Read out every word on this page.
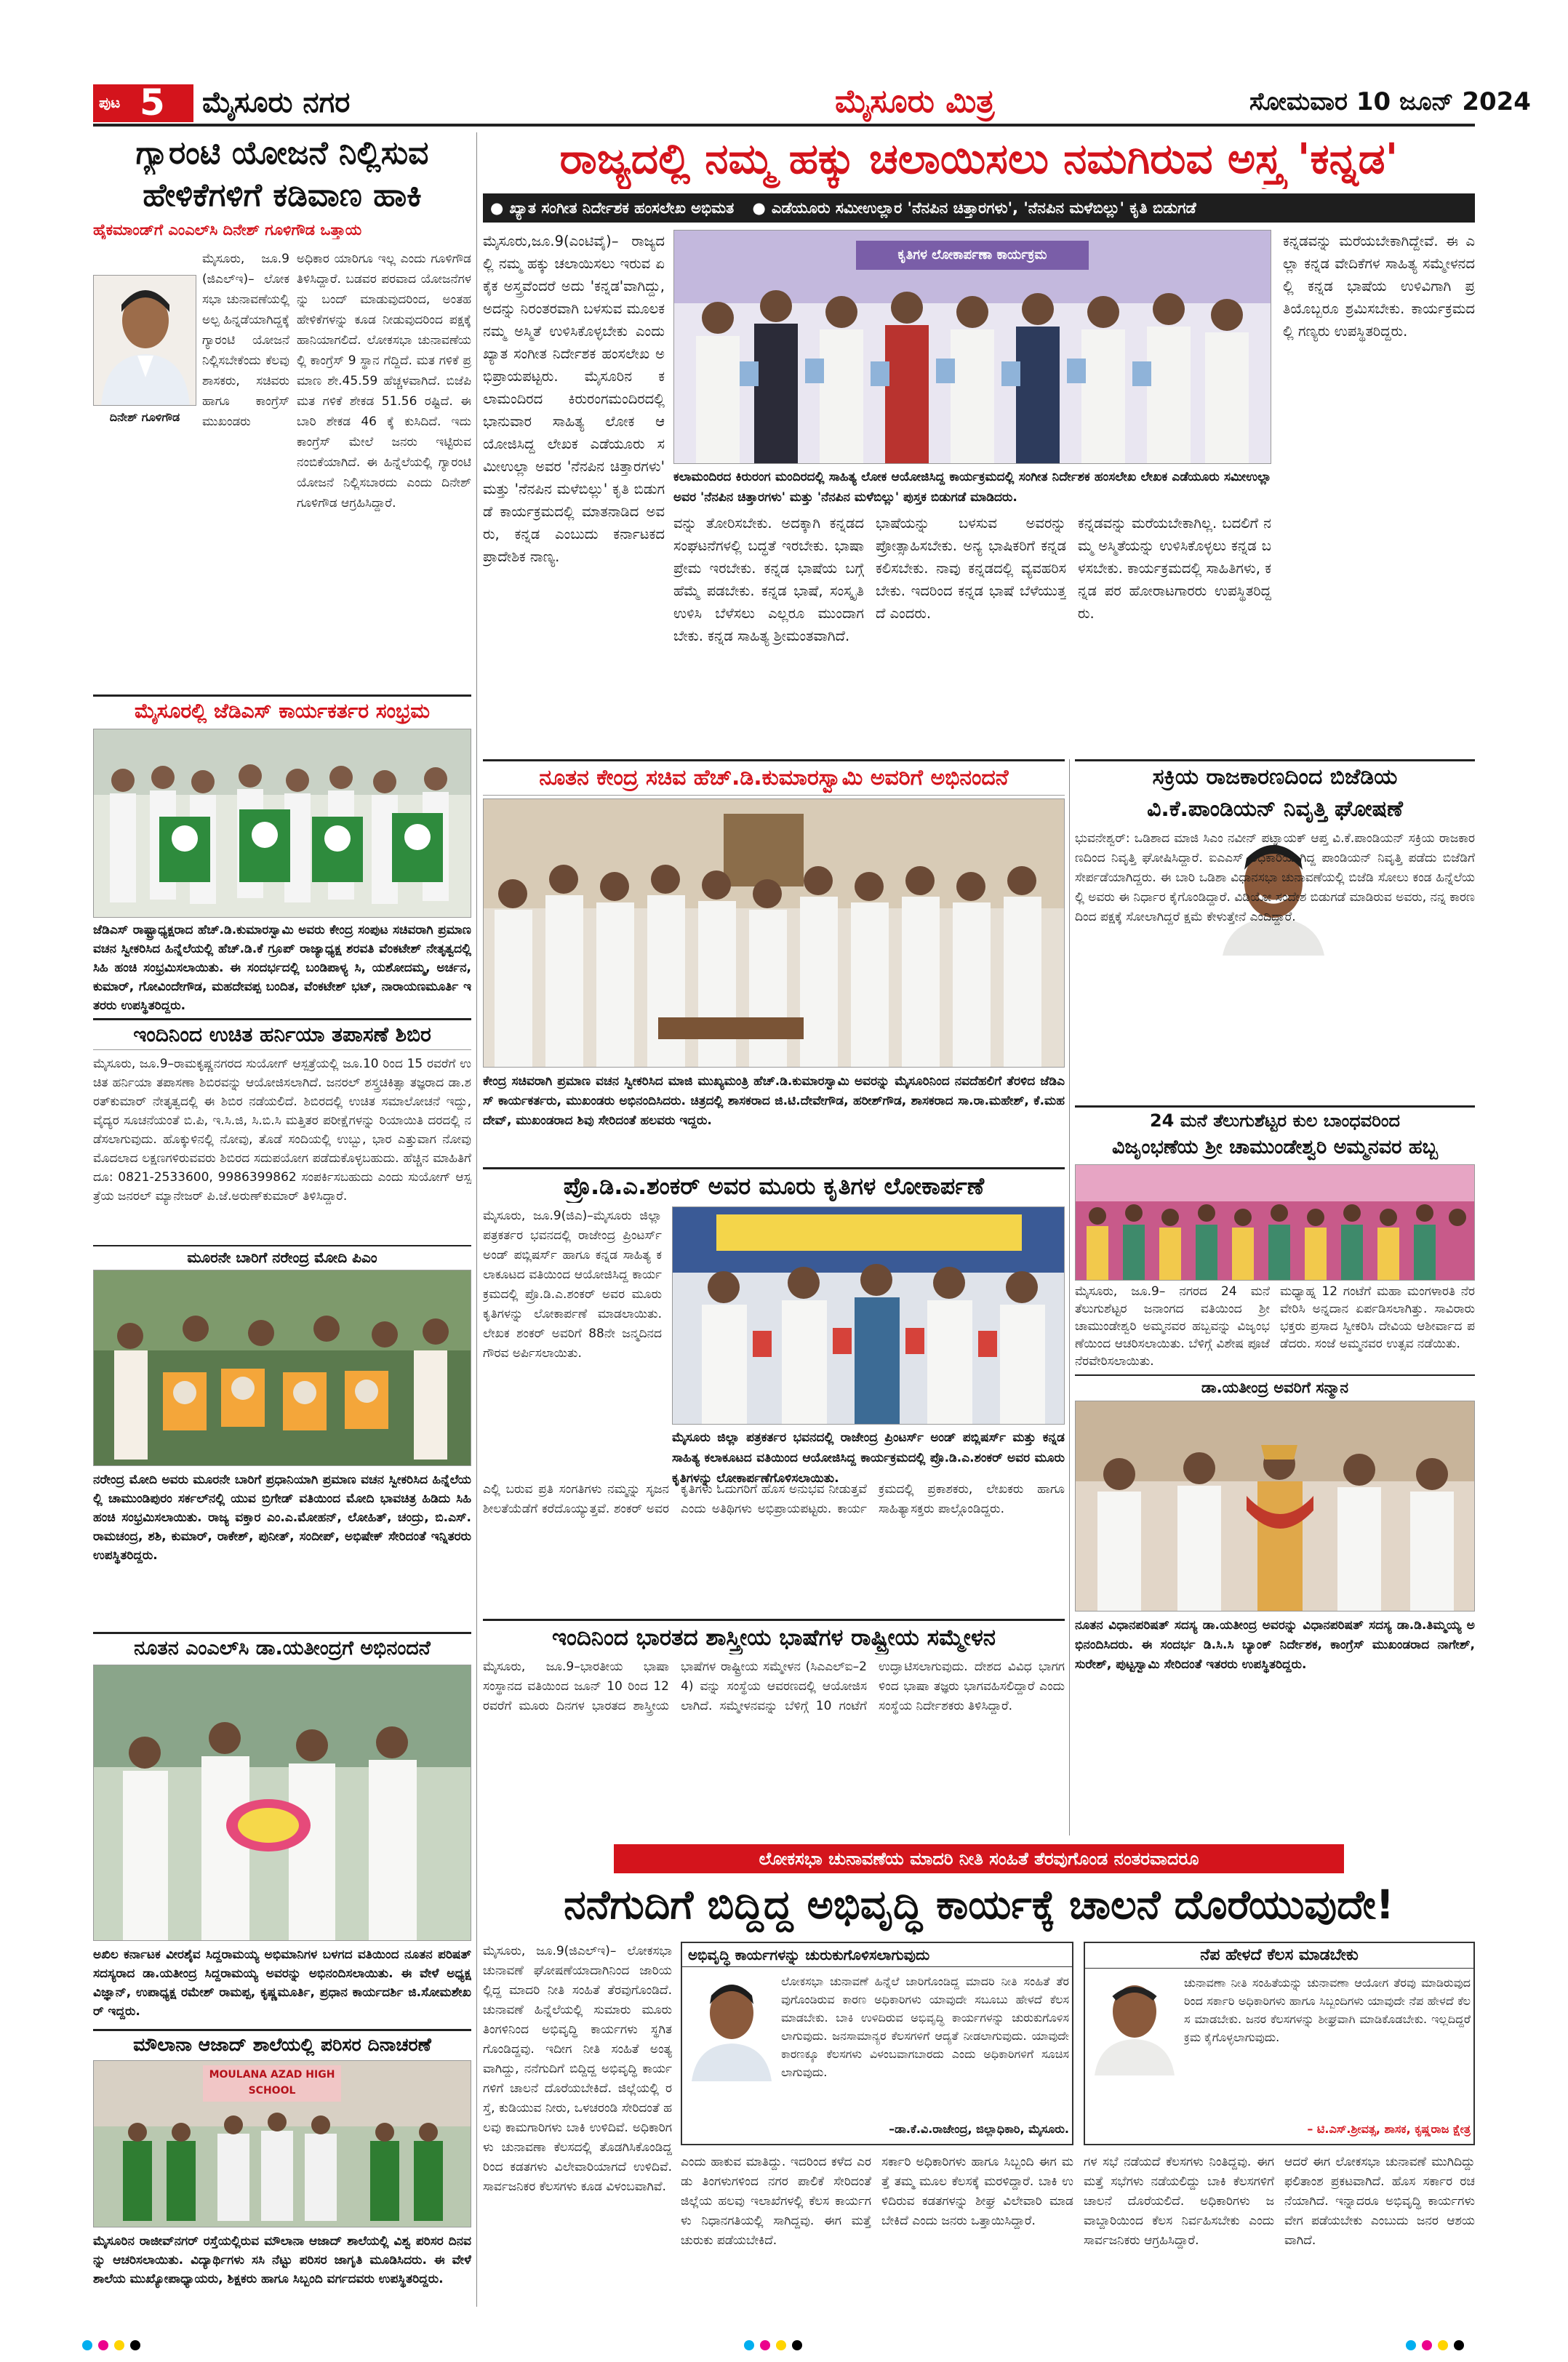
ಪುಟ 5 ಮೈಸೂರು ನಗರ	ಮೈಸೂರು ಮಿತ್ರ	ಸೋಮವಾರ 10 ಜೂನ್ 2024
ಗ್ಯಾರಂಟಿ ಯೋಜನೆ ನಿಲ್ಲಿಸುವ
ಹೇಳಿಕೆಗಳಿಗೆ ಕಡಿವಾಣ ಹಾಕಿ
ಹೈಕಮಾಂಡ್‌ಗೆ ಎಂಎಲ್‌ಸಿ ದಿನೇಶ್ ಗೂಳಿಗೌಡ ಒತ್ತಾಯ
ದಿನೇಶ್ ಗೂಳಿಗೌಡ
ಮೈಸೂರು, ಜೂ.9(ಜಿಎಲ್‌ಇ)– ಲೋಕಸಭಾ ಚುನಾವಣೆಯಲ್ಲಿ ಅಲ್ಪ ಹಿನ್ನಡೆಯಾಗಿದ್ದಕ್ಕೆ ಗ್ಯಾರಂಟಿ ಯೋಜನೆ ನಿಲ್ಲಿಸಬೇಕೆಂದು ಕೆಲವು ಶಾಸಕರು, ಸಚಿವರು ಹಾಗೂ ಕಾಂಗ್ರೆಸ್ ಮುಖಂಡರು
ಅಧಿಕಾರ ಯಾರಿಗೂ ಇಲ್ಲ ಎಂದು ಗೂಳಿಗೌಡ ತಿಳಿಸಿದ್ದಾರೆ. ಬಡವರ ಪರವಾದ ಯೋಜನೆಗಳನ್ನು ಬಂದ್ ಮಾಡುವುದರಿಂದ, ಅಂತಹ ಹೇಳಿಕೆಗಳನ್ನು ಕೂಡ ನೀಡುವುದರಿಂದ ಪಕ್ಷಕ್ಕೆ ಹಾನಿಯಾಗಲಿದೆ. ಲೋಕಸಭಾ ಚುನಾವಣೆಯಲ್ಲಿ ಕಾಂಗ್ರೆಸ್ 9 ಸ್ಥಾನ ಗೆದ್ದಿದೆ. ಮತ ಗಳಿಕೆ ಪ್ರಮಾಣ ಶೇ.45.59 ಹೆಚ್ಚಳವಾಗಿದೆ. ಬಿಜೆಪಿ ಮತ ಗಳಿಕೆ ಶೇಕಡ 51.56 ರಷ್ಟಿದೆ. ಈ ಬಾರಿ ಶೇಕಡ 46 ಕ್ಕೆ ಕುಸಿದಿದೆ. ಇದು ಕಾಂಗ್ರೆಸ್ ಮೇಲೆ ಜನರು ಇಟ್ಟಿರುವ ನಂಬಿಕೆಯಾಗಿದೆ. ಈ ಹಿನ್ನೆಲೆಯಲ್ಲಿ ಗ್ಯಾರಂಟಿ ಯೋಜನೆ ನಿಲ್ಲಿಸಬಾರದು ಎಂದು ದಿನೇಶ್ ಗೂಳಿಗೌಡ ಆಗ್ರಹಿಸಿದ್ದಾರೆ.
ಮೈಸೂರಲ್ಲಿ ಜೆಡಿಎಸ್ ಕಾರ್ಯಕರ್ತರ ಸಂಭ್ರಮ
ಜೆಡಿಎಸ್ ರಾಷ್ಟ್ರಾಧ್ಯಕ್ಷರಾದ ಹೆಚ್.ಡಿ.ಕುಮಾರಸ್ವಾಮಿ ಅವರು ಕೇಂದ್ರ ಸಂಪುಟ ಸಚಿವರಾಗಿ ಪ್ರಮಾಣ ವಚನ ಸ್ವೀಕರಿಸಿದ ಹಿನ್ನೆಲೆಯಲ್ಲಿ ಹೆಚ್.ಡಿ.ಕೆ ಗ್ರೂಪ್ ರಾಜ್ಯಾಧ್ಯಕ್ಷ ಶರವತಿ ವೆಂಕಟೇಶ್ ನೇತೃತ್ವದಲ್ಲಿ ಸಿಹಿ ಹಂಚಿ ಸಂಭ್ರಮಿಸಲಾಯಿತು. ಈ ಸಂದರ್ಭದಲ್ಲಿ ಬಂಡಿಪಾಳ್ಯ ಸಿ, ಯಶೋದಮ್ಮ, ಅರ್ಚನ, ಕುಮಾರ್, ಗೋವಿಂದೇಗೌಡ, ಮಹದೇವಪ್ಪ ಬಂದಿತ, ವೆಂಕಟೇಶ್ ಭಟ್, ನಾರಾಯಣಮೂರ್ತಿ ಇತರರು ಉಪಸ್ಥಿತರಿದ್ದರು.
ಇಂದಿನಿಂದ ಉಚಿತ ಹರ್ನಿಯಾ ತಪಾಸಣೆ ಶಿಬಿರ
ಮೈಸೂರು, ಜೂ.9–ರಾಮಕೃಷ್ಣನಗರದ ಸುಯೋಗ್ ಆಸ್ಪತ್ರೆಯಲ್ಲಿ ಜೂ.10 ರಿಂದ 15 ರವರೆಗೆ ಉಚಿತ ಹರ್ನಿಯಾ ತಪಾಸಣಾ ಶಿಬಿರವನ್ನು ಆಯೋಜಿಸಲಾಗಿದೆ. ಜನರಲ್ ಶಸ್ತ್ರಚಿಕಿತ್ಸಾ ತಜ್ಞರಾದ ಡಾ.ಶರತ್‌ಕುಮಾರ್ ನೇತೃತ್ವದಲ್ಲಿ ಈ ಶಿಬಿರ ನಡೆಯಲಿದೆ. ಶಿಬಿರದಲ್ಲಿ ಉಚಿತ ಸಮಾಲೋಚನೆ ಇದ್ದು, ವೈದ್ಯರ ಸೂಚನೆಯಂತೆ ಬಿ.ಪಿ, ಇ.ಸಿ.ಜಿ, ಸಿ.ಬಿ.ಸಿ ಮತ್ತಿತರ ಪರೀಕ್ಷೆಗಳನ್ನು ರಿಯಾಯಿತಿ ದರದಲ್ಲಿ ನಡೆಸಲಾಗುವುದು. ಹೊಕ್ಕುಳಿನಲ್ಲಿ ನೋವು, ತೊಡೆ ಸಂದಿಯಲ್ಲಿ ಉಬ್ಬು, ಭಾರ ಎತ್ತುವಾಗ ನೋವು ಮೊದಲಾದ ಲಕ್ಷಣಗಳಿರುವವರು ಶಿಬಿರದ ಸದುಪಯೋಗ ಪಡೆದುಕೊಳ್ಳಬಹುದು. ಹೆಚ್ಚಿನ ಮಾಹಿತಿಗೆ ದೂ: 0821-2533600, 9986399862 ಸಂಪರ್ಕಿಸಬಹುದು ಎಂದು ಸುಯೋಗ್ ಆಸ್ಪತ್ರೆಯ ಜನರಲ್ ಮ್ಯಾನೇಜರ್ ಪಿ.ಜೆ.ಅರುಣ್‌ಕುಮಾರ್ ತಿಳಿಸಿದ್ದಾರೆ.
ಮೂರನೇ ಬಾರಿಗೆ ನರೇಂದ್ರ ಮೋದಿ ಪಿಎಂ
ನರೇಂದ್ರ ಮೋದಿ ಅವರು ಮೂರನೇ ಬಾರಿಗೆ ಪ್ರಧಾನಿಯಾಗಿ ಪ್ರಮಾಣ ವಚನ ಸ್ವೀಕರಿಸಿದ ಹಿನ್ನೆಲೆಯಲ್ಲಿ ಚಾಮುಂಡಿಪುರಂ ಸರ್ಕಲ್‌ನಲ್ಲಿ ಯುವ ಬ್ರಿಗೇಡ್ ವತಿಯಿಂದ ಮೋದಿ ಭಾವಚಿತ್ರ ಹಿಡಿದು ಸಿಹಿ ಹಂಚಿ ಸಂಭ್ರಮಿಸಲಾಯಿತು. ರಾಜ್ಯ ವಕ್ತಾರ ಎಂ.ಎ.ಮೋಹನ್, ಲೋಹಿತ್, ಚಂದ್ರು, ಬಿ.ಎಸ್.ರಾಮಚಂದ್ರ, ಶಶಿ, ಕುಮಾರ್, ರಾಕೇಶ್, ಪುನೀತ್, ಸಂದೀಪ್, ಅಭಿಷೇಕ್ ಸೇರಿದಂತೆ ಇನ್ನಿತರರು ಉಪಸ್ಥಿತರಿದ್ದರು.
ನೂತನ ಎಂಎಲ್‌ಸಿ ಡಾ.ಯತೀಂದ್ರಗೆ ಅಭಿನಂದನೆ
ಅಖಿಲ ಕರ್ನಾಟಕ ವೀರಶೈವ ಸಿದ್ದರಾಮಯ್ಯ ಅಭಿಮಾನಿಗಳ ಬಳಗದ ವತಿಯಿಂದ ನೂತನ ಪರಿಷತ್ ಸದಸ್ಯರಾದ ಡಾ.ಯತೀಂದ್ರ ಸಿದ್ದರಾಮಯ್ಯ ಅವರನ್ನು ಅಭಿನಂದಿಸಲಾಯಿತು. ಈ ವೇಳೆ ಅಧ್ಯಕ್ಷ ವಿಜ್ಞಾನ್, ಉಪಾಧ್ಯಕ್ಷ ರಮೇಶ್ ರಾಮಪ್ಪ, ಕೃಷ್ಣಮೂರ್ತಿ, ಪ್ರಧಾನ ಕಾರ್ಯದರ್ಶಿ ಜಿ.ಸೋಮಶೇಖರ್ ಇದ್ದರು.
ಮೌಲಾನಾ ಆಜಾದ್ ಶಾಲೆಯಲ್ಲಿ ಪರಿಸರ ದಿನಾಚರಣೆ
MOULANA AZAD HIGH SCHOOL
ಮೈಸೂರಿನ ರಾಜೀವ್‌ನಗರ್ ರಸ್ತೆಯಲ್ಲಿರುವ ಮೌಲಾನಾ ಆಜಾದ್ ಶಾಲೆಯಲ್ಲಿ ವಿಶ್ವ ಪರಿಸರ ದಿನವನ್ನು ಆಚರಿಸಲಾಯಿತು. ವಿದ್ಯಾರ್ಥಿಗಳು ಸಸಿ ನೆಟ್ಟು ಪರಿಸರ ಜಾಗೃತಿ ಮೂಡಿಸಿದರು. ಈ ವೇಳೆ ಶಾಲೆಯ ಮುಖ್ಯೋಪಾಧ್ಯಾಯರು, ಶಿಕ್ಷಕರು ಹಾಗೂ ಸಿಬ್ಬಂದಿ ವರ್ಗದವರು ಉಪಸ್ಥಿತರಿದ್ದರು.
ರಾಜ್ಯದಲ್ಲಿ ನಮ್ಮ ಹಕ್ಕು ಚಲಾಯಿಸಲು ನಮಗಿರುವ ಅಸ್ತ್ರ 'ಕನ್ನಡ'
● ಖ್ಯಾತ ಸಂಗೀತ ನಿರ್ದೇಶಕ ಹಂಸಲೇಖ ಅಭಿಮತ ● ಎಡೆಯೂರು ಸಮೀಉಲ್ಲಾರ 'ನೆನಪಿನ ಚಿತ್ತಾರಗಳು', 'ನೆನಪಿನ ಮಳೆಬಿಲ್ಲು' ಕೃತಿ ಬಿಡುಗಡೆ
ಮೈಸೂರು,ಜೂ.9(ಎಂಟಿವೈ)– ರಾಜ್ಯದಲ್ಲಿ ನಮ್ಮ ಹಕ್ಕು ಚಲಾಯಿಸಲು ಇರುವ ಏಕೈಕ ಅಸ್ತ್ರವೆಂದರೆ ಅದು 'ಕನ್ನಡ'ವಾಗಿದ್ದು, ಅದನ್ನು ನಿರಂತರವಾಗಿ ಬಳಸುವ ಮೂಲಕ ನಮ್ಮ ಅಸ್ಮಿತೆ ಉಳಿಸಿಕೊಳ್ಳಬೇಕು ಎಂದು ಖ್ಯಾತ ಸಂಗೀತ ನಿರ್ದೇಶಕ ಹಂಸಲೇಖ ಅಭಿಪ್ರಾಯಪಟ್ಟರು. ಮೈಸೂರಿನ ಕಲಾಮಂದಿರದ ಕಿರುರಂಗಮಂದಿರದಲ್ಲಿ ಭಾನುವಾರ ಸಾಹಿತ್ಯ ಲೋಕ ಆಯೋಜಿಸಿದ್ದ ಲೇಖಕ ಎಡೆಯೂರು ಸಮೀಉಲ್ಲಾ ಅವರ 'ನೆನಪಿನ ಚಿತ್ತಾರಗಳು' ಮತ್ತು 'ನೆನಪಿನ ಮಳೆಬಿಲ್ಲು' ಕೃತಿ ಬಿಡುಗಡೆ ಕಾರ್ಯಕ್ರಮದಲ್ಲಿ ಮಾತನಾಡಿದ ಅವರು, ಕನ್ನಡ ಎಂಬುದು ಕರ್ನಾಟಕದ ಪ್ರಾದೇಶಿಕ ನಾಣ್ಯ.
ಕೃತಿಗಳ ಲೋಕಾರ್ಪಣಾ ಕಾರ್ಯಕ್ರಮ
ಕಲಾಮಂದಿರದ ಕಿರುರಂಗ ಮಂದಿರದಲ್ಲಿ ಸಾಹಿತ್ಯ ಲೋಕ ಆಯೋಜಿಸಿದ್ದ ಕಾರ್ಯಕ್ರಮದಲ್ಲಿ ಸಂಗೀತ ನಿರ್ದೇಶಕ ಹಂಸಲೇಖ ಲೇಖಕ ಎಡೆಯೂರು ಸಮೀಉಲ್ಲಾ ಅವರ 'ನೆನಪಿನ ಚಿತ್ತಾರಗಳು' ಮತ್ತು 'ನೆನಪಿನ ಮಳೆಬಿಲ್ಲು' ಪುಸ್ತಕ ಬಿಡುಗಡೆ ಮಾಡಿದರು.
ವನ್ನು ತೋರಿಸಬೇಕು. ಅದಕ್ಕಾಗಿ ಕನ್ನಡದ ಸಂಘಟನೆಗಳಲ್ಲಿ ಬದ್ಧತೆ ಇರಬೇಕು. ಭಾಷಾ ಪ್ರೇಮ ಇರಬೇಕು. ಕನ್ನಡ ಭಾಷೆಯ ಬಗ್ಗೆ ಹೆಮ್ಮೆ ಪಡಬೇಕು. ಕನ್ನಡ ಭಾಷೆ, ಸಂಸ್ಕೃತಿ ಉಳಿಸಿ ಬೆಳೆಸಲು ಎಲ್ಲರೂ ಮುಂದಾಗಬೇಕು. ಕನ್ನಡ ಸಾಹಿತ್ಯ ಶ್ರೀಮಂತವಾಗಿದೆ.
ಭಾಷೆಯನ್ನು ಬಳಸುವ ಅವರನ್ನು ಪ್ರೋತ್ಸಾಹಿಸಬೇಕು. ಅನ್ಯ ಭಾಷಿಕರಿಗೆ ಕನ್ನಡ ಕಲಿಸಬೇಕು. ನಾವು ಕನ್ನಡದಲ್ಲಿ ವ್ಯವಹರಿಸಬೇಕು. ಇದರಿಂದ ಕನ್ನಡ ಭಾಷೆ ಬೆಳೆಯುತ್ತದೆ ಎಂದರು.
ಕನ್ನಡವನ್ನು ಮರೆಯಬೇಕಾಗಿಲ್ಲ. ಬದಲಿಗೆ ನಮ್ಮ ಅಸ್ಮಿತೆಯನ್ನು ಉಳಿಸಿಕೊಳ್ಳಲು ಕನ್ನಡ ಬಳಸಬೇಕು. ಕಾರ್ಯಕ್ರಮದಲ್ಲಿ ಸಾಹಿತಿಗಳು, ಕನ್ನಡ ಪರ ಹೋರಾಟಗಾರರು ಉಪಸ್ಥಿತರಿದ್ದರು.
ಕನ್ನಡವನ್ನು ಮರೆಯಬೇಕಾಗಿದ್ದೇವೆ. ಈ ಎಲ್ಲಾ ಕನ್ನಡ ವೇದಿಕೆಗಳ ಸಾಹಿತ್ಯ ಸಮ್ಮೇಳನದಲ್ಲಿ ಕನ್ನಡ ಭಾಷೆಯ ಉಳಿವಿಗಾಗಿ ಪ್ರತಿಯೊಬ್ಬರೂ ಶ್ರಮಿಸಬೇಕು. ಕಾರ್ಯಕ್ರಮದಲ್ಲಿ ಗಣ್ಯರು ಉಪಸ್ಥಿತರಿದ್ದರು.
ನೂತನ ಕೇಂದ್ರ ಸಚಿವ ಹೆಚ್.ಡಿ.ಕುಮಾರಸ್ವಾಮಿ ಅವರಿಗೆ ಅಭಿನಂದನೆ
ಕೇಂದ್ರ ಸಚಿವರಾಗಿ ಪ್ರಮಾಣ ವಚನ ಸ್ವೀಕರಿಸಿದ ಮಾಜಿ ಮುಖ್ಯಮಂತ್ರಿ ಹೆಚ್.ಡಿ.ಕುಮಾರಸ್ವಾಮಿ ಅವರನ್ನು ಮೈಸೂರಿನಿಂದ ನವದೆಹಲಿಗೆ ತೆರಳಿದ ಜೆಡಿಎಸ್ ಕಾರ್ಯಕರ್ತರು, ಮುಖಂಡರು ಅಭಿನಂದಿಸಿದರು. ಚಿತ್ರದಲ್ಲಿ ಶಾಸಕರಾದ ಜಿ.ಟಿ.ದೇವೇಗೌಡ, ಹರೀಶ್‌ಗೌಡ, ಶಾಸಕರಾದ ಸಾ.ರಾ.ಮಹೇಶ್, ಕೆ.ಮಹದೇವ್, ಮುಖಂಡರಾದ ಶಿವು ಸೇರಿದಂತೆ ಹಲವರು ಇದ್ದರು.
ಸಕ್ರಿಯ ರಾಜಕಾರಣದಿಂದ ಬಿಜೆಡಿಯ
ವಿ.ಕೆ.ಪಾಂಡಿಯನ್ ನಿವೃತ್ತಿ ಘೋಷಣೆ
ಭುವನೇಶ್ವರ್: ಒಡಿಶಾದ ಮಾಜಿ ಸಿಎಂ ನವೀನ್ ಪಟ್ನಾಯಕ್ ಆಪ್ತ ವಿ.ಕೆ.ಪಾಂಡಿಯನ್ ಸಕ್ರಿಯ ರಾಜಕಾರಣದಿಂದ ನಿವೃತ್ತಿ ಘೋಷಿಸಿದ್ದಾರೆ. ಐಎಎಸ್ ಅಧಿಕಾರಿಯಾಗಿದ್ದ ಪಾಂಡಿಯನ್ ನಿವೃತ್ತಿ ಪಡೆದು ಬಿಜೆಡಿಗೆ ಸೇರ್ಪಡೆಯಾಗಿದ್ದರು. ಈ ಬಾರಿ ಒಡಿಶಾ ವಿಧಾನಸಭಾ ಚುನಾವಣೆಯಲ್ಲಿ ಬಿಜೆಡಿ ಸೋಲು ಕಂಡ ಹಿನ್ನೆಲೆಯಲ್ಲಿ ಅವರು ಈ ನಿರ್ಧಾರ ಕೈಗೊಂಡಿದ್ದಾರೆ. ವಿಡಿಯೋ ಸಂದೇಶ ಬಿಡುಗಡೆ ಮಾಡಿರುವ ಅವರು, ನನ್ನ ಕಾರಣದಿಂದ ಪಕ್ಷಕ್ಕೆ ಸೋಲಾಗಿದ್ದರೆ ಕ್ಷಮೆ ಕೇಳುತ್ತೇನೆ ಎಂದಿದ್ದಾರೆ.
24 ಮನೆ ತೆಲುಗುಶೆಟ್ಟರ ಕುಲ ಬಾಂಧವರಿಂದ
ವಿಜೃಂಭಣೆಯ ಶ್ರೀ ಚಾಮುಂಡೇಶ್ವರಿ ಅಮ್ಮನವರ ಹಬ್ಬ
ಮೈಸೂರು, ಜೂ.9– ನಗರದ 24 ಮನೆ ತೆಲುಗುಶೆಟ್ಟರ ಜನಾಂಗದ ವತಿಯಿಂದ ಶ್ರೀ ಚಾಮುಂಡೇಶ್ವರಿ ಅಮ್ಮನವರ ಹಬ್ಬವನ್ನು ವಿಜೃಂಭಣೆಯಿಂದ ಆಚರಿಸಲಾಯಿತು. ಬೆಳಿಗ್ಗೆ ವಿಶೇಷ ಪೂಜೆ ನೆರವೇರಿಸಲಾಯಿತು.
ಮಧ್ಯಾಹ್ನ 12 ಗಂಟೆಗೆ ಮಹಾ ಮಂಗಳಾರತಿ ನೆರವೇರಿಸಿ ಅನ್ನದಾನ ಏರ್ಪಡಿಸಲಾಗಿತ್ತು. ಸಾವಿರಾರು ಭಕ್ತರು ಪ್ರಸಾದ ಸ್ವೀಕರಿಸಿ ದೇವಿಯ ಆಶೀರ್ವಾದ ಪಡೆದರು. ಸಂಜೆ ಅಮ್ಮನವರ ಉತ್ಸವ ನಡೆಯಿತು.
ಡಾ.ಯತೀಂದ್ರ ಅವರಿಗೆ ಸನ್ಮಾನ
ನೂತನ ವಿಧಾನಪರಿಷತ್ ಸದಸ್ಯ ಡಾ.ಯತೀಂದ್ರ ಅವರನ್ನು ವಿಧಾನಪರಿಷತ್ ಸದಸ್ಯ ಡಾ.ಡಿ.ತಿಮ್ಮಯ್ಯ ಅಭಿನಂದಿಸಿದರು. ಈ ಸಂದರ್ಭ ಡಿ.ಸಿ.ಸಿ ಬ್ಯಾಂಕ್ ನಿರ್ದೇಶಕ, ಕಾಂಗ್ರೆಸ್ ಮುಖಂಡರಾದ ನಾಗೇಶ್, ಸುರೇಶ್, ಪುಟ್ಟಸ್ವಾಮಿ ಸೇರಿದಂತೆ ಇತರರು ಉಪಸ್ಥಿತರಿದ್ದರು.
ಪ್ರೊ.ಡಿ.ಎ.ಶಂಕರ್ ಅವರ ಮೂರು ಕೃತಿಗಳ ಲೋಕಾರ್ಪಣೆ
ಮೈಸೂರು, ಜೂ.9(ಜಿಎ)–ಮೈಸೂರು ಜಿಲ್ಲಾ ಪತ್ರಕರ್ತರ ಭವನದಲ್ಲಿ ರಾಜೇಂದ್ರ ಪ್ರಿಂಟರ್ಸ್ ಅಂಡ್ ಪಬ್ಲಿಷರ್ಸ್ ಹಾಗೂ ಕನ್ನಡ ಸಾಹಿತ್ಯ ಕಲಾಕೂಟದ ವತಿಯಿಂದ ಆಯೋಜಿಸಿದ್ದ ಕಾರ್ಯಕ್ರಮದಲ್ಲಿ ಪ್ರೊ.ಡಿ.ಎ.ಶಂಕರ್ ಅವರ ಮೂರು ಕೃತಿಗಳನ್ನು ಲೋಕಾರ್ಪಣೆ ಮಾಡಲಾಯಿತು. ಲೇಖಕ ಶಂಕರ್ ಅವರಿಗೆ 88ನೇ ಜನ್ಮದಿನದ ಗೌರವ ಅರ್ಪಿಸಲಾಯಿತು.
ಮೈಸೂರು ಜಿಲ್ಲಾ ಪತ್ರಕರ್ತರ ಭವನದಲ್ಲಿ ರಾಜೇಂದ್ರ ಪ್ರಿಂಟರ್ಸ್ ಅಂಡ್ ಪಬ್ಲಿಷರ್ಸ್ ಮತ್ತು ಕನ್ನಡ ಸಾಹಿತ್ಯ ಕಲಾಕೂಟದ ವತಿಯಿಂದ ಆಯೋಜಿಸಿದ್ದ ಕಾರ್ಯಕ್ರಮದಲ್ಲಿ ಪ್ರೊ.ಡಿ.ಎ.ಶಂಕರ್ ಅವರ ಮೂರು ಕೃತಿಗಳನ್ನು ಲೋಕಾರ್ಪಣೆಗೊಳಿಸಲಾಯಿತು.
ಎಲ್ಲಿ ಬರುವ ಪ್ರತಿ ಸಂಗತಿಗಳು ನಮ್ಮನ್ನು ಸೃಜನಶೀಲತೆಯೆಡೆಗೆ ಕರೆದೊಯ್ಯುತ್ತವೆ. ಶಂಕರ್ ಅವರ ಕೃತಿಗಳು ಓದುಗರಿಗೆ ಹೊಸ ಅನುಭವ ನೀಡುತ್ತವೆ ಎಂದು ಅತಿಥಿಗಳು ಅಭಿಪ್ರಾಯಪಟ್ಟರು. ಕಾರ್ಯಕ್ರಮದಲ್ಲಿ ಪ್ರಕಾಶಕರು, ಲೇಖಕರು ಹಾಗೂ ಸಾಹಿತ್ಯಾಸಕ್ತರು ಪಾಲ್ಗೊಂಡಿದ್ದರು.
ಇಂದಿನಿಂದ ಭಾರತದ ಶಾಸ್ತ್ರೀಯ ಭಾಷೆಗಳ ರಾಷ್ಟ್ರೀಯ ಸಮ್ಮೇಳನ
ಮೈಸೂರು, ಜೂ.9–ಭಾರತೀಯ ಭಾಷಾ ಸಂಸ್ಥಾನದ ವತಿಯಿಂದ ಜೂನ್ 10 ರಿಂದ 12 ರವರೆಗೆ ಮೂರು ದಿನಗಳ ಭಾರತದ ಶಾಸ್ತ್ರೀಯ ಭಾಷೆಗಳ ರಾಷ್ಟ್ರೀಯ ಸಮ್ಮೇಳನ (ಸಿಎಎಲ್‌ಐ–24) ವನ್ನು ಸಂಸ್ಥೆಯ ಆವರಣದಲ್ಲಿ ಆಯೋಜಿಸಲಾಗಿದೆ. ಸಮ್ಮೇಳನವನ್ನು ಬೆಳಿಗ್ಗೆ 10 ಗಂಟೆಗೆ ಉದ್ಘಾಟಿಸಲಾಗುವುದು. ದೇಶದ ವಿವಿಧ ಭಾಗಗಳಿಂದ ಭಾಷಾ ತಜ್ಞರು ಭಾಗವಹಿಸಲಿದ್ದಾರೆ ಎಂದು ಸಂಸ್ಥೆಯ ನಿರ್ದೇಶಕರು ತಿಳಿಸಿದ್ದಾರೆ.
ಲೋಕಸಭಾ ಚುನಾವಣೆಯ ಮಾದರಿ ನೀತಿ ಸಂಹಿತೆ ತೆರವುಗೊಂಡ ನಂತರವಾದರೂ
ನನೆಗುದಿಗೆ ಬಿದ್ದಿದ್ದ ಅಭಿವೃದ್ಧಿ ಕಾರ್ಯಕ್ಕೆ ಚಾಲನೆ ದೊರೆಯುವುದೇ!
ಮೈಸೂರು, ಜೂ.9(ಜಿಎಲ್‌ಇ)– ಲೋಕಸಭಾ ಚುನಾವಣೆ ಘೋಷಣೆಯಾದಾಗಿನಿಂದ ಜಾರಿಯಲ್ಲಿದ್ದ ಮಾದರಿ ನೀತಿ ಸಂಹಿತೆ ತೆರವುಗೊಂಡಿದೆ. ಚುನಾವಣೆ ಹಿನ್ನೆಲೆಯಲ್ಲಿ ಸುಮಾರು ಮೂರು ತಿಂಗಳಿನಿಂದ ಅಭಿವೃದ್ಧಿ ಕಾರ್ಯಗಳು ಸ್ಥಗಿತಗೊಂಡಿದ್ದವು. ಇದೀಗ ನೀತಿ ಸಂಹಿತೆ ಅಂತ್ಯವಾಗಿದ್ದು, ನನೆಗುದಿಗೆ ಬಿದ್ದಿದ್ದ ಅಭಿವೃದ್ಧಿ ಕಾರ್ಯಗಳಿಗೆ ಚಾಲನೆ ದೊರೆಯಬೇಕಿದೆ. ಜಿಲ್ಲೆಯಲ್ಲಿ ರಸ್ತೆ, ಕುಡಿಯುವ ನೀರು, ಒಳಚರಂಡಿ ಸೇರಿದಂತೆ ಹಲವು ಕಾಮಗಾರಿಗಳು ಬಾಕಿ ಉಳಿದಿವೆ. ಅಧಿಕಾರಿಗಳು ಚುನಾವಣಾ ಕೆಲಸದಲ್ಲಿ ತೊಡಗಿಸಿಕೊಂಡಿದ್ದರಿಂದ ಕಡತಗಳು ವಿಲೇವಾರಿಯಾಗದೆ ಉಳಿದಿವೆ. ಸಾರ್ವಜನಿಕರ ಕೆಲಸಗಳು ಕೂಡ ವಿಳಂಬವಾಗಿವೆ.
ಅಭಿವೃದ್ಧಿ ಕಾರ್ಯಗಳನ್ನು ಚುರುಕುಗೊಳಿಸಲಾಗುವುದು
ಲೋಕಸಭಾ ಚುನಾವಣೆ ಹಿನ್ನೆಲೆ ಜಾರಿಗೊಂಡಿದ್ದ ಮಾದರಿ ನೀತಿ ಸಂಹಿತೆ ತೆರವುಗೊಂಡಿರುವ ಕಾರಣ ಅಧಿಕಾರಿಗಳು ಯಾವುದೇ ಸಬೂಬು ಹೇಳದೆ ಕೆಲಸ ಮಾಡಬೇಕು. ಬಾಕಿ ಉಳಿದಿರುವ ಅಭಿವೃದ್ಧಿ ಕಾರ್ಯಗಳನ್ನು ಚುರುಕುಗೊಳಿಸಲಾಗುವುದು. ಜನಸಾಮಾನ್ಯರ ಕೆಲಸಗಳಿಗೆ ಆದ್ಯತೆ ನೀಡಲಾಗುವುದು. ಯಾವುದೇ ಕಾರಣಕ್ಕೂ ಕೆಲಸಗಳು ವಿಳಂಬವಾಗಬಾರದು ಎಂದು ಅಧಿಕಾರಿಗಳಿಗೆ ಸೂಚಿಸಲಾಗುವುದು.
–ಡಾ.ಕೆ.ವಿ.ರಾಜೇಂದ್ರ, ಜಿಲ್ಲಾಧಿಕಾರಿ, ಮೈಸೂರು.
ಎಂದು ಹಾಕುವ ಮಾತಿದ್ದು. ಇದರಿಂದ ಕಳೆದ ಎರಡು ತಿಂಗಳುಗಳಿಂದ ನಗರ ಪಾಲಿಕೆ ಸೇರಿದಂತೆ ಜಿಲ್ಲೆಯ ಹಲವು ಇಲಾಖೆಗಳಲ್ಲಿ ಕೆಲಸ ಕಾರ್ಯಗಳು ನಿಧಾನಗತಿಯಲ್ಲಿ ಸಾಗಿದ್ದವು. ಈಗ ಮತ್ತೆ ಚುರುಕು ಪಡೆಯಬೇಕಿದೆ.
ಸರ್ಕಾರಿ ಅಧಿಕಾರಿಗಳು ಹಾಗೂ ಸಿಬ್ಬಂದಿ ಈಗ ಮತ್ತೆ ತಮ್ಮ ಮೂಲ ಕೆಲಸಕ್ಕೆ ಮರಳಿದ್ದಾರೆ. ಬಾಕಿ ಉಳಿದಿರುವ ಕಡತಗಳನ್ನು ಶೀಘ್ರ ವಿಲೇವಾರಿ ಮಾಡಬೇಕಿದೆ ಎಂದು ಜನರು ಒತ್ತಾಯಿಸಿದ್ದಾರೆ.
ನೆಪ ಹೇಳದೆ ಕೆಲಸ ಮಾಡಬೇಕು
ಚುನಾವಣಾ ನೀತಿ ಸಂಹಿತೆಯನ್ನು ಚುನಾವಣಾ ಆಯೋಗ ತೆರವು ಮಾಡಿರುವುದರಿಂದ ಸರ್ಕಾರಿ ಅಧಿಕಾರಿಗಳು ಹಾಗೂ ಸಿಬ್ಬಂದಿಗಳು ಯಾವುದೇ ನೆಪ ಹೇಳದೆ ಕೆಲಸ ಮಾಡಬೇಕು. ಜನರ ಕೆಲಸಗಳನ್ನು ಶೀಘ್ರವಾಗಿ ಮಾಡಿಕೊಡಬೇಕು. ಇಲ್ಲದಿದ್ದರೆ ಕ್ರಮ ಕೈಗೊಳ್ಳಲಾಗುವುದು.
– ಟಿ.ಎಸ್.ಶ್ರೀವತ್ಸ, ಶಾಸಕ, ಕೃಷ್ಣರಾಜ ಕ್ಷೇತ್ರ
ಗಳ ಸಭೆ ನಡೆಯದೆ ಕೆಲಸಗಳು ನಿಂತಿದ್ದವು. ಈಗ ಮತ್ತೆ ಸಭೆಗಳು ನಡೆಯಲಿದ್ದು ಬಾಕಿ ಕೆಲಸಗಳಿಗೆ ಚಾಲನೆ ದೊರೆಯಲಿದೆ. ಅಧಿಕಾರಿಗಳು ಜವಾಬ್ದಾರಿಯಿಂದ ಕೆಲಸ ನಿರ್ವಹಿಸಬೇಕು ಎಂದು ಸಾರ್ವಜನಿಕರು ಆಗ್ರಹಿಸಿದ್ದಾರೆ.
ಆದರೆ ಈಗ ಲೋಕಸಭಾ ಚುನಾವಣೆ ಮುಗಿದಿದ್ದು ಫಲಿತಾಂಶ ಪ್ರಕಟವಾಗಿದೆ. ಹೊಸ ಸರ್ಕಾರ ರಚನೆಯಾಗಿದೆ. ಇನ್ನಾದರೂ ಅಭಿವೃದ್ಧಿ ಕಾರ್ಯಗಳು ವೇಗ ಪಡೆಯಬೇಕು ಎಂಬುದು ಜನರ ಆಶಯವಾಗಿದೆ.
